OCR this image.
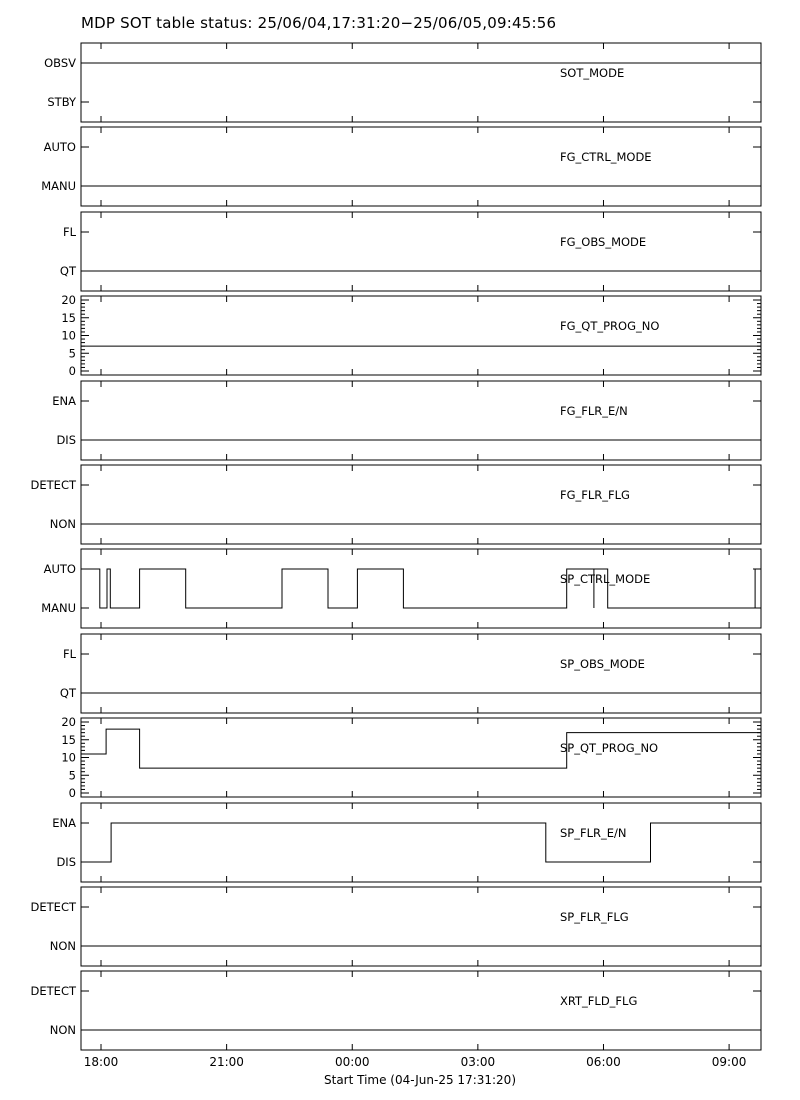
MDP SOT table status: 25/06/04,17:31:20−25/06/05,09:45:56
OBSV
STBY
SOT_MODE
AUTO
MANU
FG_CTRL_MODE
FL
QT
FG_OBS_MODE
20
15
10
5
0
FG_QT_PROG_NO
ENA
DIS
FG_FLR_E/N
DETECT
NON
FG_FLR_FLG
AUTO
MANU
SP_CTRL_MODE
FL
QT
SP_OBS_MODE
20
15
10
5
0
SP_QT_PROG_NO
ENA
DIS
SP_FLR_E/N
DETECT
NON
SP_FLR_FLG
DETECT
NON
XRT_FLD_FLG
18:00	21:00	00:00	03:00	06:00	09:00
Start Time (04-Jun-25 17:31:20)
